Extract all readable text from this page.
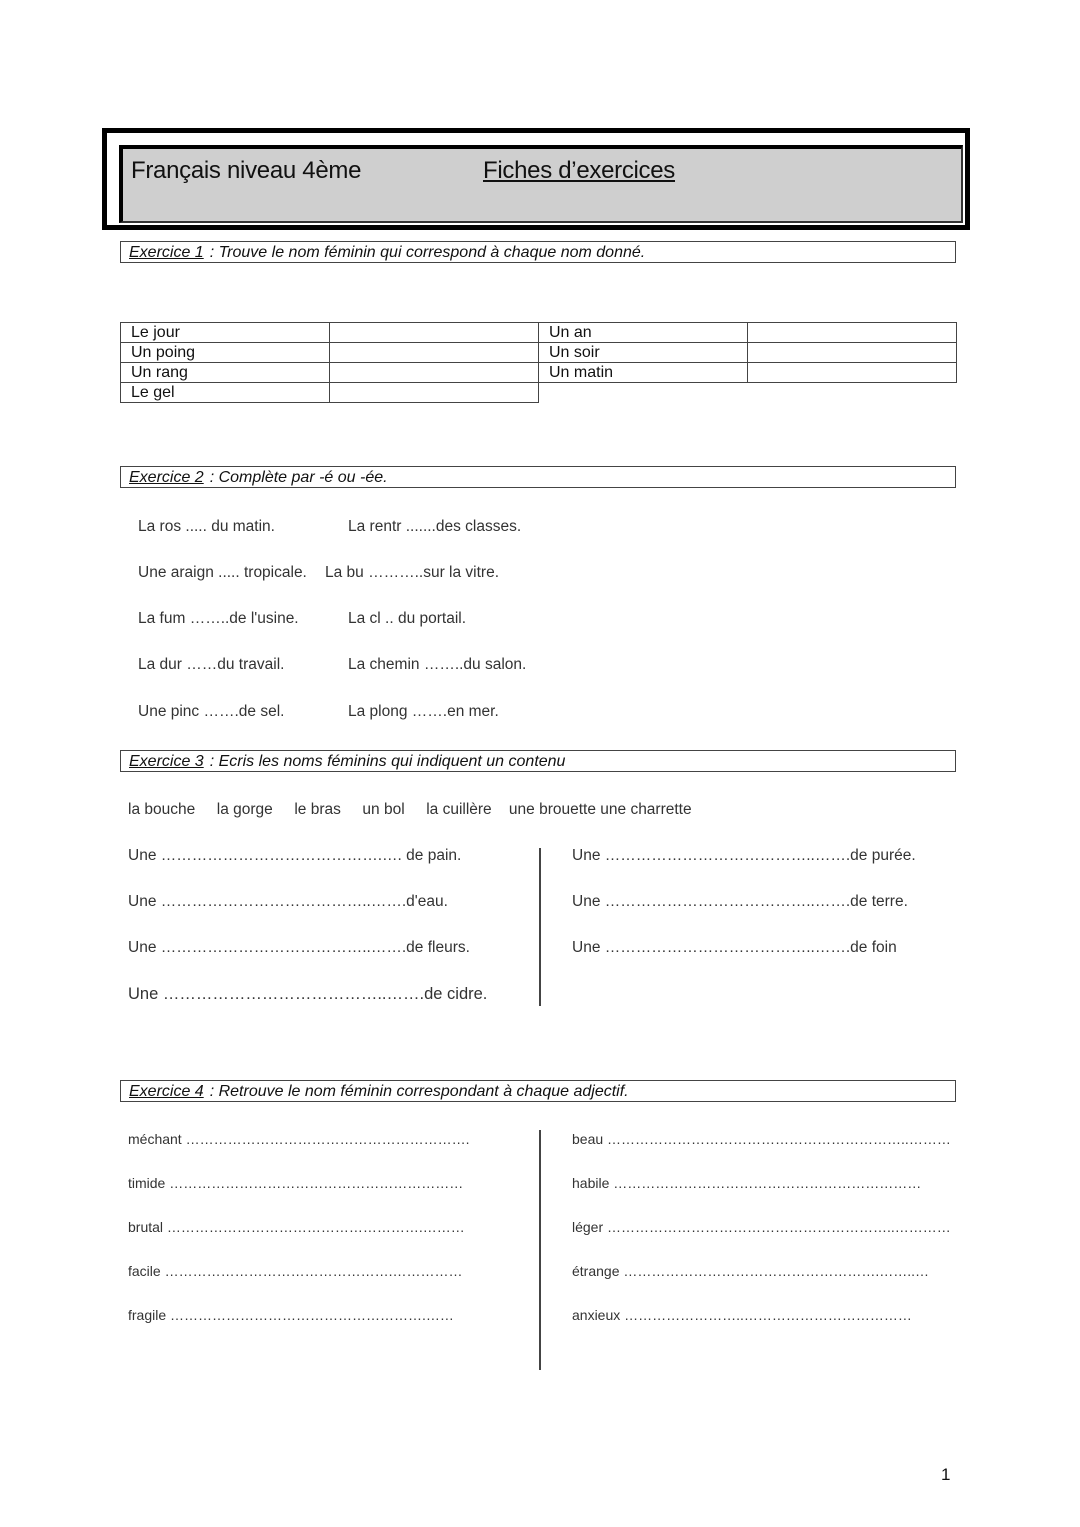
Français niveau 4ème	Fiches d’exercices
Exercice 1 : Trouve le nom féminin qui correspond à chaque nom donné.
Le jour		Un an	
Un poing		Un soir	
Un rang		Un matin	
Le gel			
Exercice 2 : Complète par -é ou -ée.
La ros ..... du matin.	La rentr .......des classes.
Une araign ..... tropicale. La bu ………..sur la vitre.
La fum ……..de l'usine.	La cl .. du portail.
La dur ……du travail.	La chemin ……..du salon.
Une pinc …….de sel.	La plong …….en mer.
Exercice 3 : Ecris les noms féminins qui indiquent un contenu
la bouche la gorge le bras un bol la cuillère une brouette une charrette
Une …………………………………….…. de pain.
Une …………………………………..…….d'eau.
Une …………………………………..…….de fleurs.
Une …………………………………..…….de cidre.
Une …………………………………..…….de purée.
Une …………………………………..…….de terre.
Une …………………………………..…….de foin
Exercice 4 : Retrouve le nom féminin correspondant à chaque adjectif.
méchant …………………………………………………….
timide ………………………………………………………
brutal ……………………………………………….………
facile ………………………………………….……………
fragile ……………………………………………….……
beau ………………………………………………………..………
habile …………………………………………………………
léger ……………………………………………………..…………
étrange ……………………………………………….……..…
anxieux ……………………..………………………………
1
